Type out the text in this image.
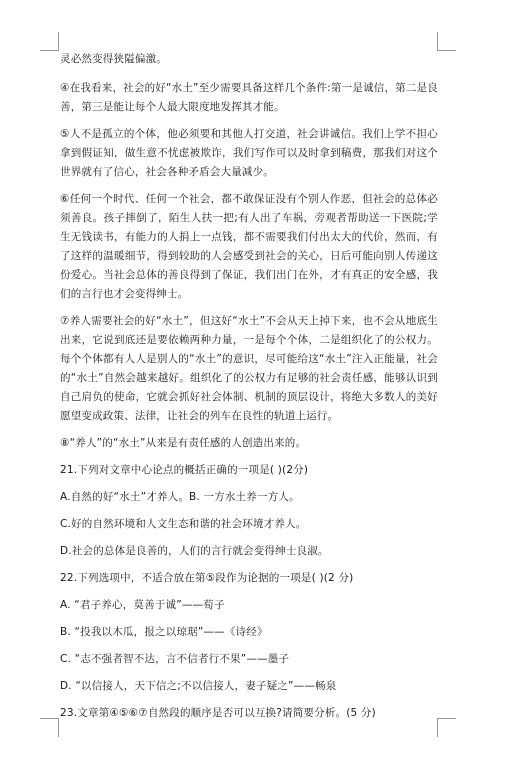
灵必然变得狭隘偏激。

④在我看来，社会的好“水土”至少需要具备这样几个条件:第一是诚信，第二是良善，第三是能让每个人最大限度地发挥其才能。

⑤人不是孤立的个体，他必须要和其他人打交道，社会讲诚信。我们上学不担心拿到假证知，做生意不忧虑被欺诈，我们写作可以及时拿到稿费，那我们对这个世界就有了信心，社会各种矛盾会大量减少。

⑥任何一个时代、任何一个社会，都不敢保证没有个别人作恶，但社会的总体必须善良。孩子摔倒了，陌生人扶一把;有人出了车祸，旁观者帮助送一下医院;学生无钱读书，有能力的人捐上一点钱，都不需要我们付出太大的代价，然而，有了这样的温暖细节，得到较助的人会感受到社会的关心，日后可能向别人传递这份爱心。当社会总体的善良得到了保证，我们出门在外，才有真正的安全感，我们的言行也才会变得绅士。

⑦养人需要社会的好“水土”，但这好“水土”不会从天上掉下来，也不会从地底生出来，它说到底还是要依赖两种力量，一是每个个体，二是组织化了的公权力。每个个体都有人人是别人的“水土”的意识，尽可能给这“水土”注入正能量，社会的“水土”自然会越来越好。组织化了的公权力有足够的社会责任感，能够认识到自己肩负的使命，它就会抓好社会体制、机制的顶层设计，将绝大多数人的美好愿望变成政策、法律，让社会的列车在良性的轨道上运行。

⑧“养人”的“水土”从来是有责任感的人创造出来的。

21.下列对文章中心论点的概括正确的一项是( )(2分)

A.自然的好“水土”才养人。B. 一方水土养一方人。

C.好的自然环境和人文生态和谐的社会环境才养人。

D.社会的总体是良善的，人们的言行就会变得绅士良淑。

22.下列选项中，不适合放在第⑤段作为论据的一项是( )(2 分)

A. “君子养心，莫善于诚”——荀子

B. “投我以木瓜，报之以琼琚”——《诗经》

C. “志不强者智不达，言不信者行不果”——墨子

D. “以信接人，天下信之;不以信接人，妻子疑之”——畅泉

23.文章第④⑤⑥⑦自然段的顺序是否可以互换?请简要分析。(5 分)
